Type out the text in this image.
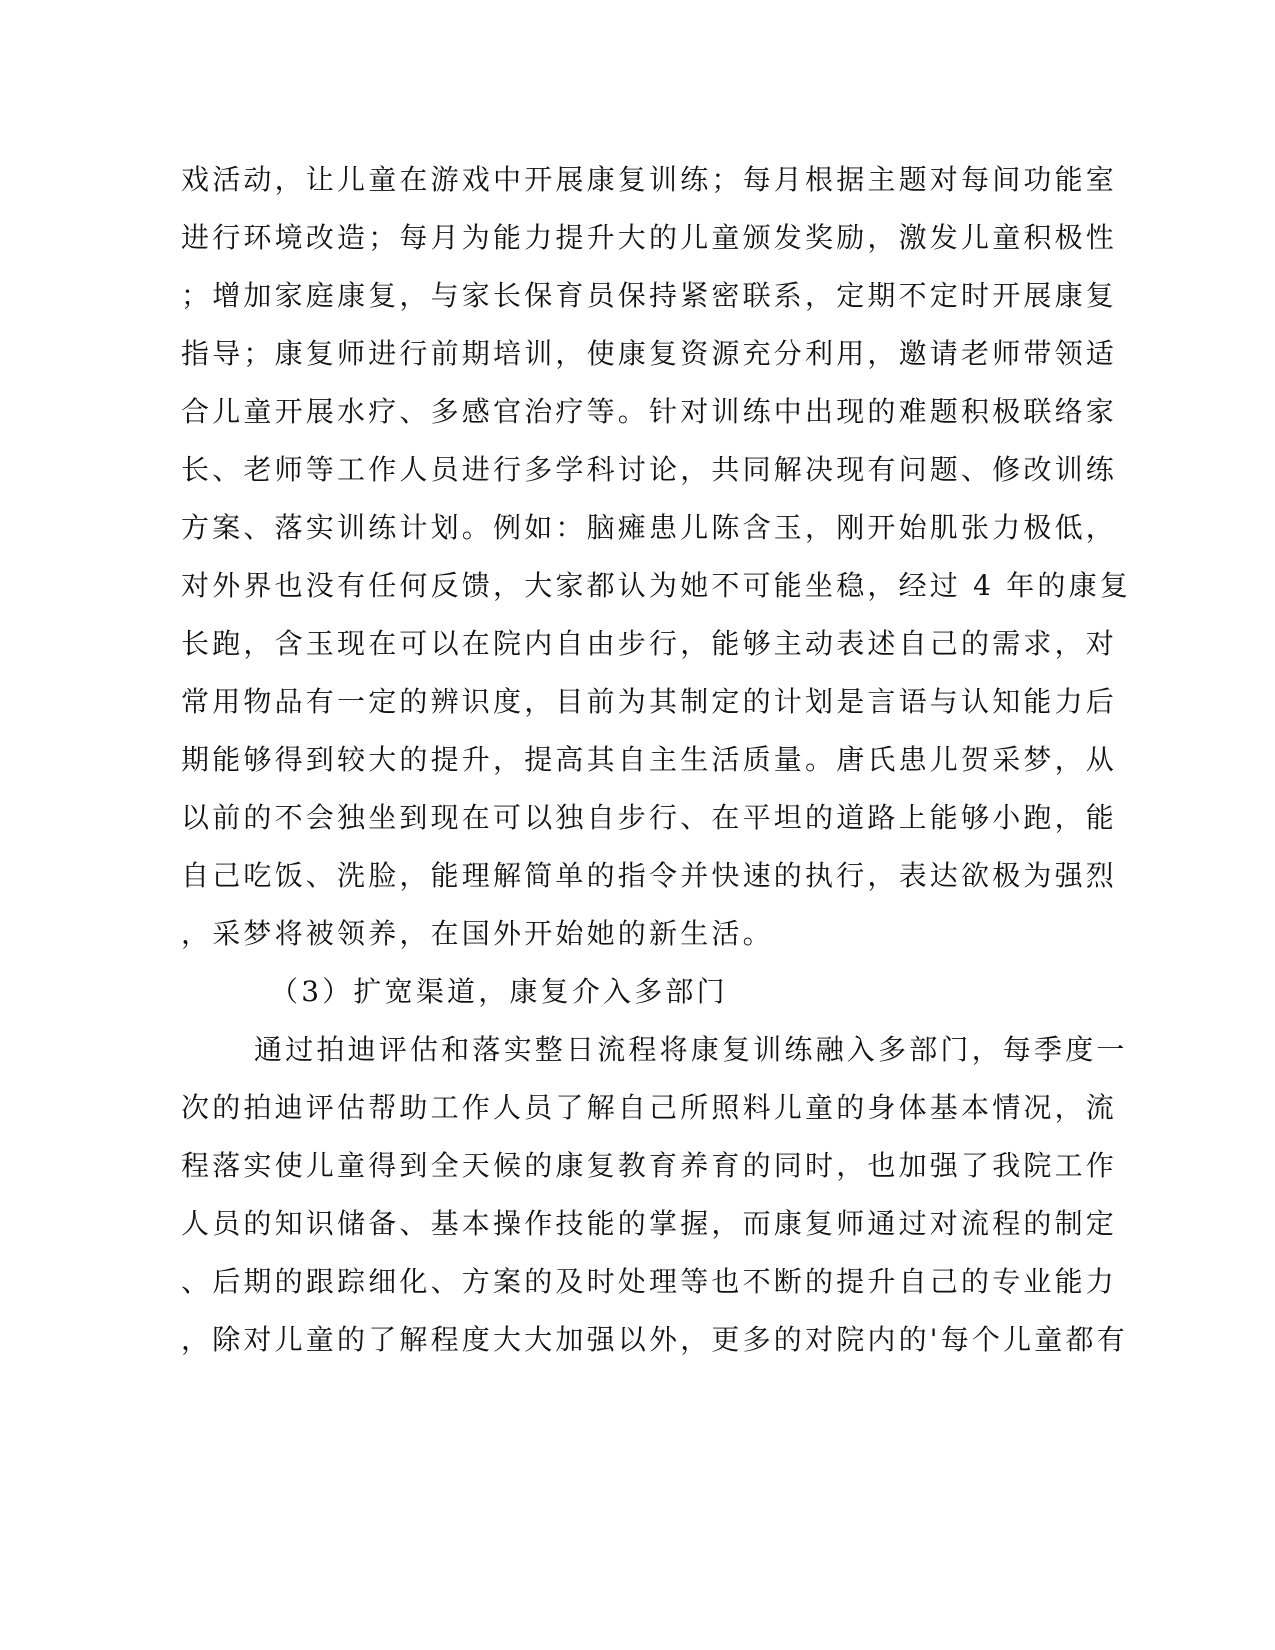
戏活动，让儿童在游戏中开展康复训练；每月根据主题对每间功能室
进行环境改造；每月为能力提升大的儿童颁发奖励，激发儿童积极性
；增加家庭康复，与家长保育员保持紧密联系，定期不定时开展康复
指导；康复师进行前期培训，使康复资源充分利用，邀请老师带领适
合儿童开展水疗、多感官治疗等。针对训练中出现的难题积极联络家
长、老师等工作人员进行多学科讨论，共同解决现有问题、修改训练
方案、落实训练计划。例如：脑瘫患儿陈含玉，刚开始肌张力极低，
对外界也没有任何反馈，大家都认为她不可能坐稳，经过 4 年的康复
长跑，含玉现在可以在院内自由步行，能够主动表述自己的需求，对
常用物品有一定的辨识度，目前为其制定的计划是言语与认知能力后
期能够得到较大的提升，提高其自主生活质量。唐氏患儿贺采梦，从
以前的不会独坐到现在可以独自步行、在平坦的道路上能够小跑，能
自己吃饭、洗脸，能理解简单的指令并快速的执行，表达欲极为强烈
，采梦将被领养，在国外开始她的新生活。
（3）扩宽渠道，康复介入多部门
通过拍迪评估和落实整日流程将康复训练融入多部门，每季度一
次的拍迪评估帮助工作人员了解自己所照料儿童的身体基本情况，流
程落实使儿童得到全天候的康复教育养育的同时，也加强了我院工作
人员的知识储备、基本操作技能的掌握，而康复师通过对流程的制定
、后期的跟踪细化、方案的及时处理等也不断的提升自己的专业能力
，除对儿童的了解程度大大加强以外，更多的对院内的'每个儿童都有
